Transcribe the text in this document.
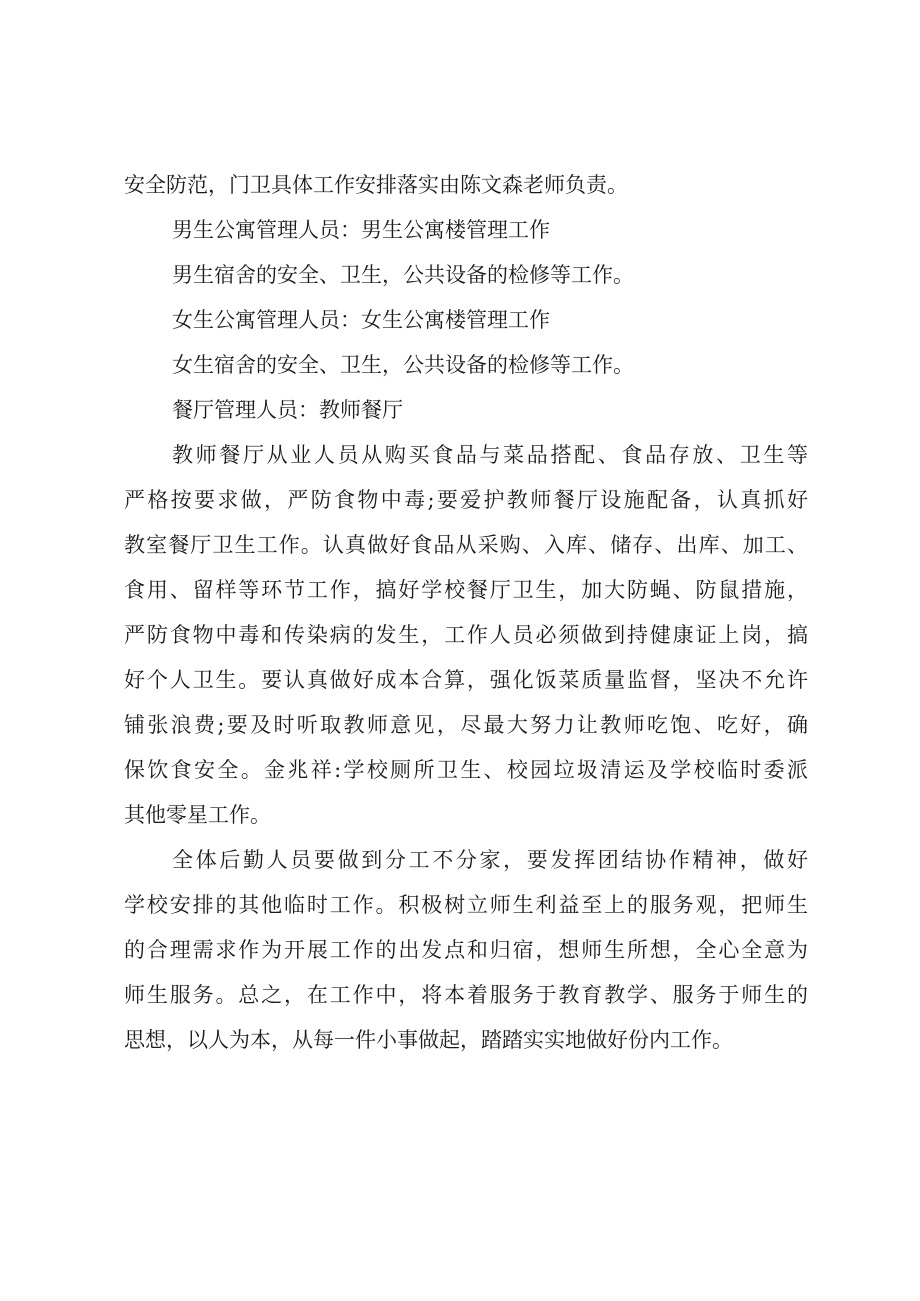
安全防范，门卫具体工作安排落实由陈文森老师负责。
男生公寓管理人员：男生公寓楼管理工作
男生宿舍的安全、卫生，公共设备的检修等工作。
女生公寓管理人员：女生公寓楼管理工作
女生宿舍的安全、卫生，公共设备的检修等工作。
餐厅管理人员：教师餐厅
教师餐厅从业人员从购买食品与菜品搭配、食品存放、卫生等
严格按要求做，严防食物中毒;要爱护教师餐厅设施配备，认真抓好
教室餐厅卫生工作。认真做好食品从采购、入库、储存、出库、加工、
食用、留样等环节工作，搞好学校餐厅卫生，加大防蝇、防鼠措施，
严防食物中毒和传染病的发生，工作人员必须做到持健康证上岗，搞
好个人卫生。要认真做好成本合算，强化饭菜质量监督，坚决不允许
铺张浪费;要及时听取教师意见，尽最大努力让教师吃饱、吃好，确
保饮食安全。金兆祥:学校厕所卫生、校园垃圾清运及学校临时委派
其他零星工作。
全体后勤人员要做到分工不分家，要发挥团结协作精神，做好
学校安排的其他临时工作。积极树立师生利益至上的服务观，把师生
的合理需求作为开展工作的出发点和归宿，想师生所想，全心全意为
师生服务。总之，在工作中，将本着服务于教育教学、服务于师生的
思想，以人为本，从每一件小事做起，踏踏实实地做好份内工作。
